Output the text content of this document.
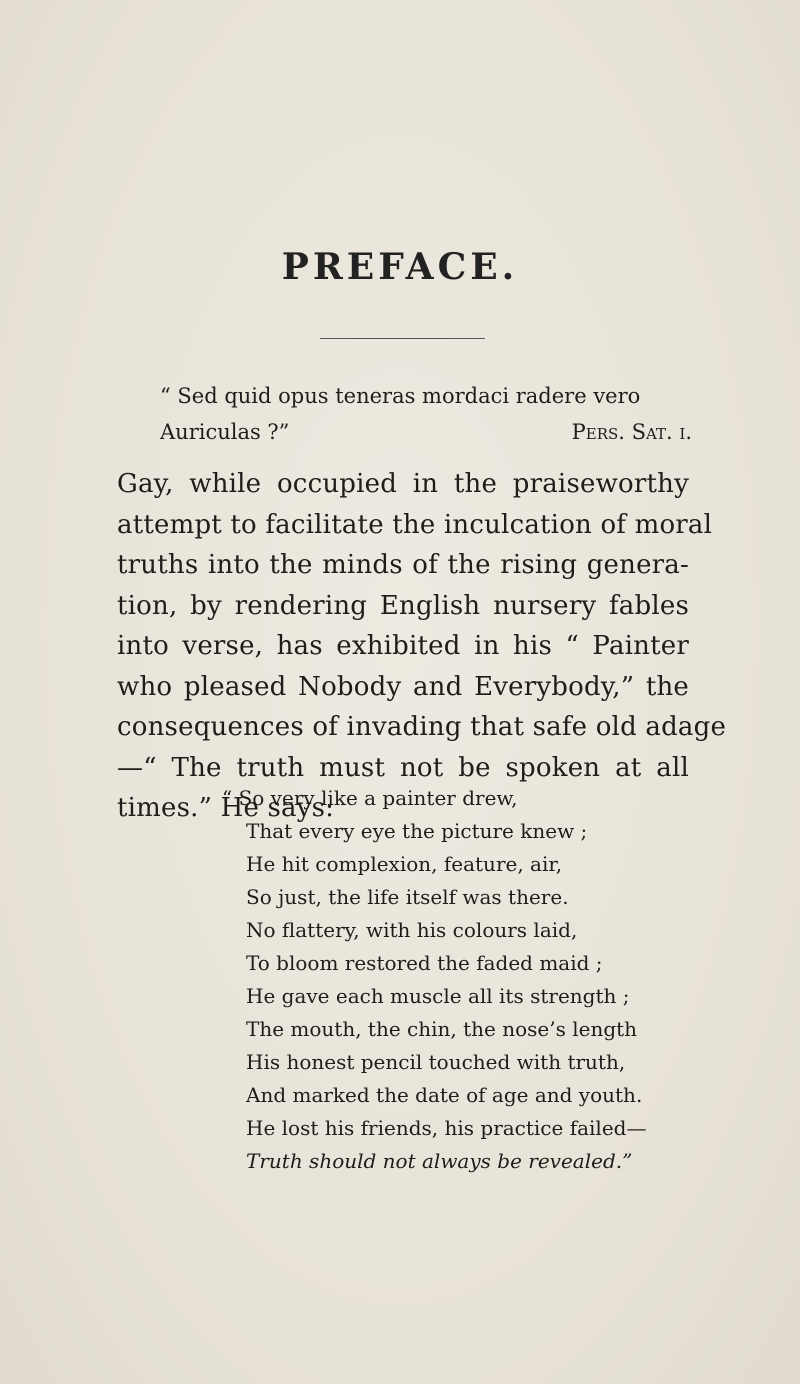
PREFACE.
“ Sed quid opus teneras mordaci radere vero
Auriculas ?”	Pers. Sat. i.
Gay, while occupied in the praiseworthy
attempt to facilitate the inculcation of moral
truths into the minds of the rising genera-
tion, by rendering English nursery fables
into verse, has exhibited in his “ Painter
who pleased Nobody and Everybody,” the
consequences of invading that safe old adage
—“ The truth must not be spoken at all
times.” He says:
“ So very like a painter drew,
That every eye the picture knew ;
He hit complexion, feature, air,
So just, the life itself was there.
No flattery, with his colours laid,
To bloom restored the faded maid ;
He gave each muscle all its strength ;
The mouth, the chin, the nose’s length
His honest pencil touched with truth,
And marked the date of age and youth.
He lost his friends, his practice failed—
Truth should not always be revealed.”
